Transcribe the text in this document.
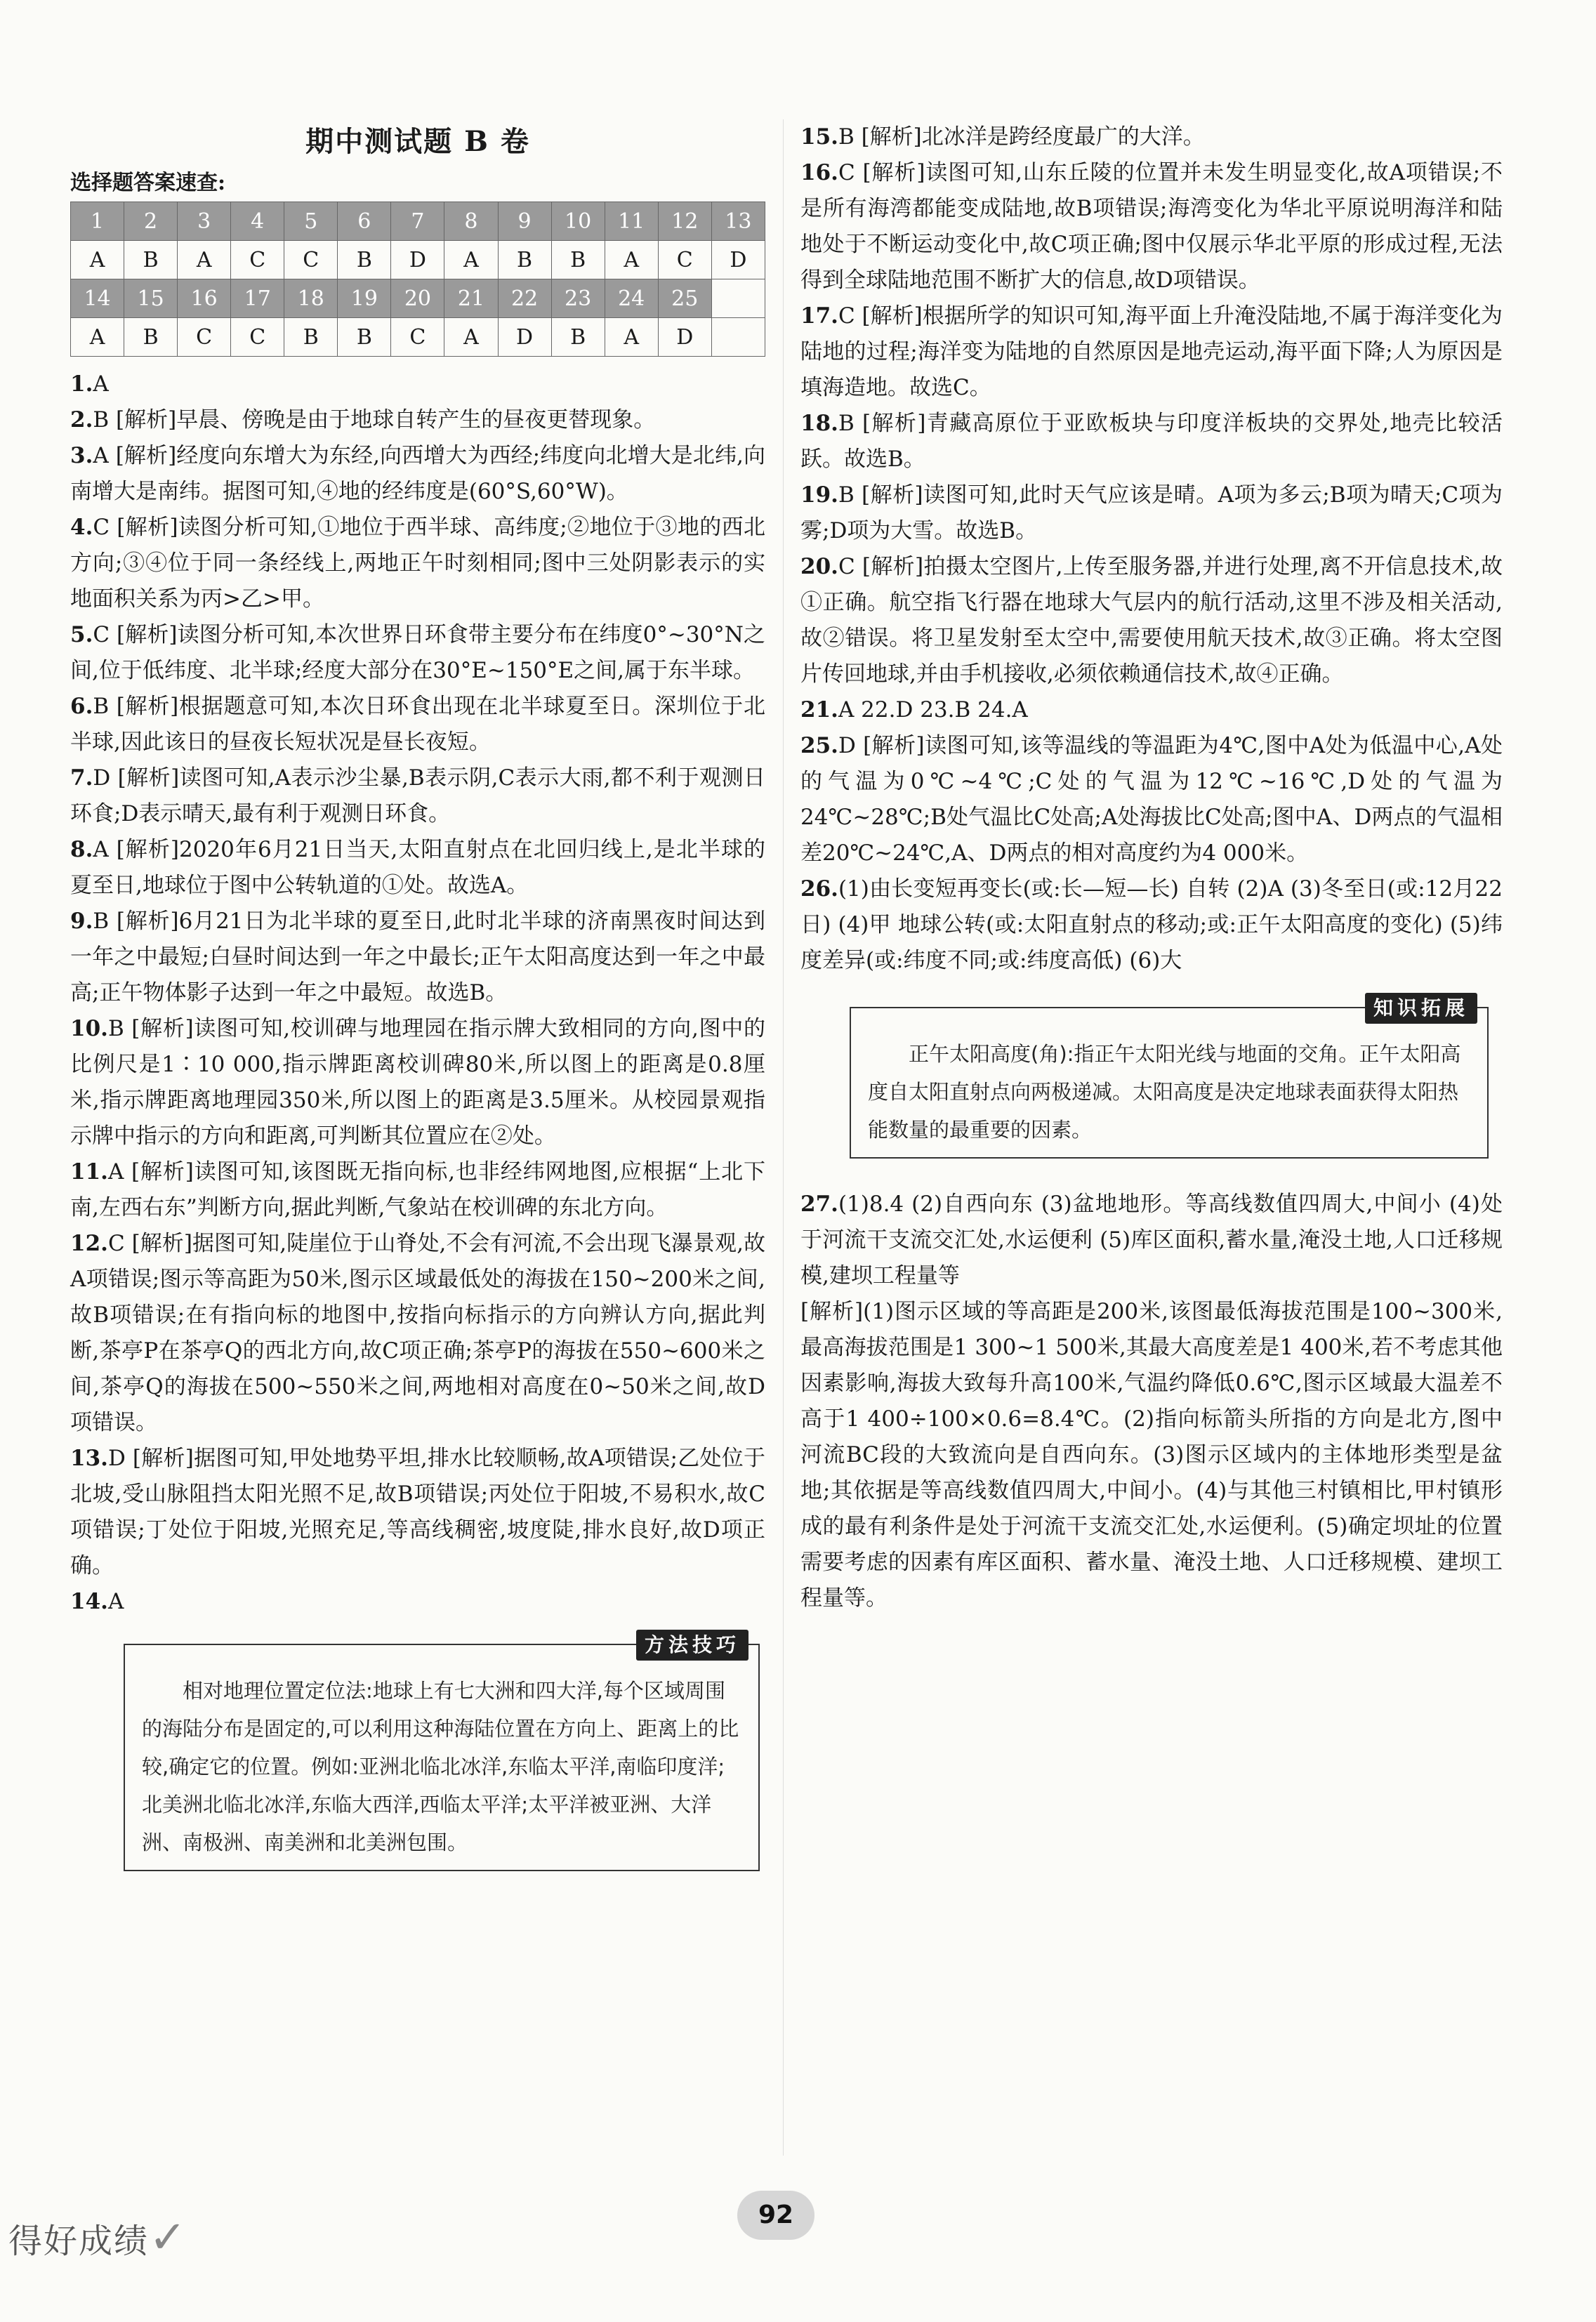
期中测试题 B 卷
选择题答案速查:
1	2	3	4	5	6	7	8	9	10	11	12	13
A	B	A	C	C	B	D	A	B	B	A	C	D
14	15	16	17	18	19	20	21	22	23	24	25	
A	B	C	C	B	B	C	A	D	B	A	D	

1.A

2.B [解析]早晨、傍晚是由于地球自转产生的昼夜更替现象。

3.A [解析]经度向东增大为东经,向西增大为西经;纬度向北增大是北纬,向南增大是南纬。据图可知,④地的经纬度是(60°S,60°W)。

4.C [解析]读图分析可知,①地位于西半球、高纬度;②地位于③地的西北方向;③④位于同一条经线上,两地正午时刻相同;图中三处阴影表示的实地面积关系为丙>乙>甲。

5.C [解析]读图分析可知,本次世界日环食带主要分布在纬度0°~30°N之间,位于低纬度、北半球;经度大部分在30°E~150°E之间,属于东半球。

6.B [解析]根据题意可知,本次日环食出现在北半球夏至日。深圳位于北半球,因此该日的昼夜长短状况是昼长夜短。

7.D [解析]读图可知,A表示沙尘暴,B表示阴,C表示大雨,都不利于观测日环食;D表示晴天,最有利于观测日环食。

8.A [解析]2020年6月21日当天,太阳直射点在北回归线上,是北半球的夏至日,地球位于图中公转轨道的①处。故选A。

9.B [解析]6月21日为北半球的夏至日,此时北半球的济南黑夜时间达到一年之中最短;白昼时间达到一年之中最长;正午太阳高度达到一年之中最高;正午物体影子达到一年之中最短。故选B。

10.B [解析]读图可知,校训碑与地理园在指示牌大致相同的方向,图中的比例尺是1∶10 000,指示牌距离校训碑80米,所以图上的距离是0.8厘米,指示牌距离地理园350米,所以图上的距离是3.5厘米。从校园景观指示牌中指示的方向和距离,可判断其位置应在②处。

11.A [解析]读图可知,该图既无指向标,也非经纬网地图,应根据“上北下南,左西右东”判断方向,据此判断,气象站在校训碑的东北方向。

12.C [解析]据图可知,陡崖位于山脊处,不会有河流,不会出现飞瀑景观,故A项错误;图示等高距为50米,图示区域最低处的海拔在150~200米之间,故B项错误;在有指向标的地图中,按指向标指示的方向辨认方向,据此判断,茶亭P在茶亭Q的西北方向,故C项正确;茶亭P的海拔在550~600米之间,茶亭Q的海拔在500~550米之间,两地相对高度在0~50米之间,故D项错误。

13.D [解析]据图可知,甲处地势平坦,排水比较顺畅,故A项错误;乙处位于北坡,受山脉阻挡太阳光照不足,故B项错误;丙处位于阳坡,不易积水,故C项错误;丁处位于阳坡,光照充足,等高线稠密,坡度陡,排水良好,故D项正确。

14.A

方法技巧
相对地理位置定位法:地球上有七大洲和四大洋,每个区域周围的海陆分布是固定的,可以利用这种海陆位置在方向上、距离上的比较,确定它的位置。例如:亚洲北临北冰洋,东临太平洋,南临印度洋;北美洲北临北冰洋,东临大西洋,西临太平洋;太平洋被亚洲、大洋洲、南极洲、南美洲和北美洲包围。

15.B [解析]北冰洋是跨经度最广的大洋。

16.C [解析]读图可知,山东丘陵的位置并未发生明显变化,故A项错误;不是所有海湾都能变成陆地,故B项错误;海湾变化为华北平原说明海洋和陆地处于不断运动变化中,故C项正确;图中仅展示华北平原的形成过程,无法得到全球陆地范围不断扩大的信息,故D项错误。

17.C [解析]根据所学的知识可知,海平面上升淹没陆地,不属于海洋变化为陆地的过程;海洋变为陆地的自然原因是地壳运动,海平面下降;人为原因是填海造地。故选C。

18.B [解析]青藏高原位于亚欧板块与印度洋板块的交界处,地壳比较活跃。故选B。

19.B [解析]读图可知,此时天气应该是晴。A项为多云;B项为晴天;C项为雾;D项为大雪。故选B。

20.C [解析]拍摄太空图片,上传至服务器,并进行处理,离不开信息技术,故①正确。航空指飞行器在地球大气层内的航行活动,这里不涉及相关活动,故②错误。将卫星发射至太空中,需要使用航天技术,故③正确。将太空图片传回地球,并由手机接收,必须依赖通信技术,故④正确。

21.A 22.D 23.B 24.A

25.D [解析]读图可知,该等温线的等温距为4℃,图中A处为低温中心,A处的气温为0℃~4℃;C处的气温为12℃~16℃,D处的气温为24℃~28℃;B处气温比C处高;A处海拔比C处高;图中A、D两点的气温相差20℃~24℃,A、D两点的相对高度约为4 000米。

26.(1)由长变短再变长(或:长—短—长) 自转 (2)A (3)冬至日(或:12月22日) (4)甲 地球公转(或:太阳直射点的移动;或:正午太阳高度的变化) (5)纬度差异(或:纬度不同;或:纬度高低) (6)大

知识拓展
正午太阳高度(角):指正午太阳光线与地面的交角。正午太阳高度自太阳直射点向两极递减。太阳高度是决定地球表面获得太阳热能数量的最重要的因素。

27.(1)8.4 (2)自西向东 (3)盆地地形。等高线数值四周大,中间小 (4)处于河流干支流交汇处,水运便利 (5)库区面积,蓄水量,淹没土地,人口迁移规模,建坝工程量等

[解析](1)图示区域的等高距是200米,该图最低海拔范围是100~300米,最高海拔范围是1 300~1 500米,其最大高度差是1 400米,若不考虑其他因素影响,海拔大致每升高100米,气温约降低0.6℃,图示区域最大温差不高于1 400÷100×0.6=8.4℃。(2)指向标箭头所指的方向是北方,图中河流BC段的大致流向是自西向东。(3)图示区域内的主体地形类型是盆地;其依据是等高线数值四周大,中间小。(4)与其他三村镇相比,甲村镇形成的最有利条件是处于河流干支流交汇处,水运便利。(5)确定坝址的位置需要考虑的因素有库区面积、蓄水量、淹没土地、人口迁移规模、建坝工程量等。

92
得好成绩✓
